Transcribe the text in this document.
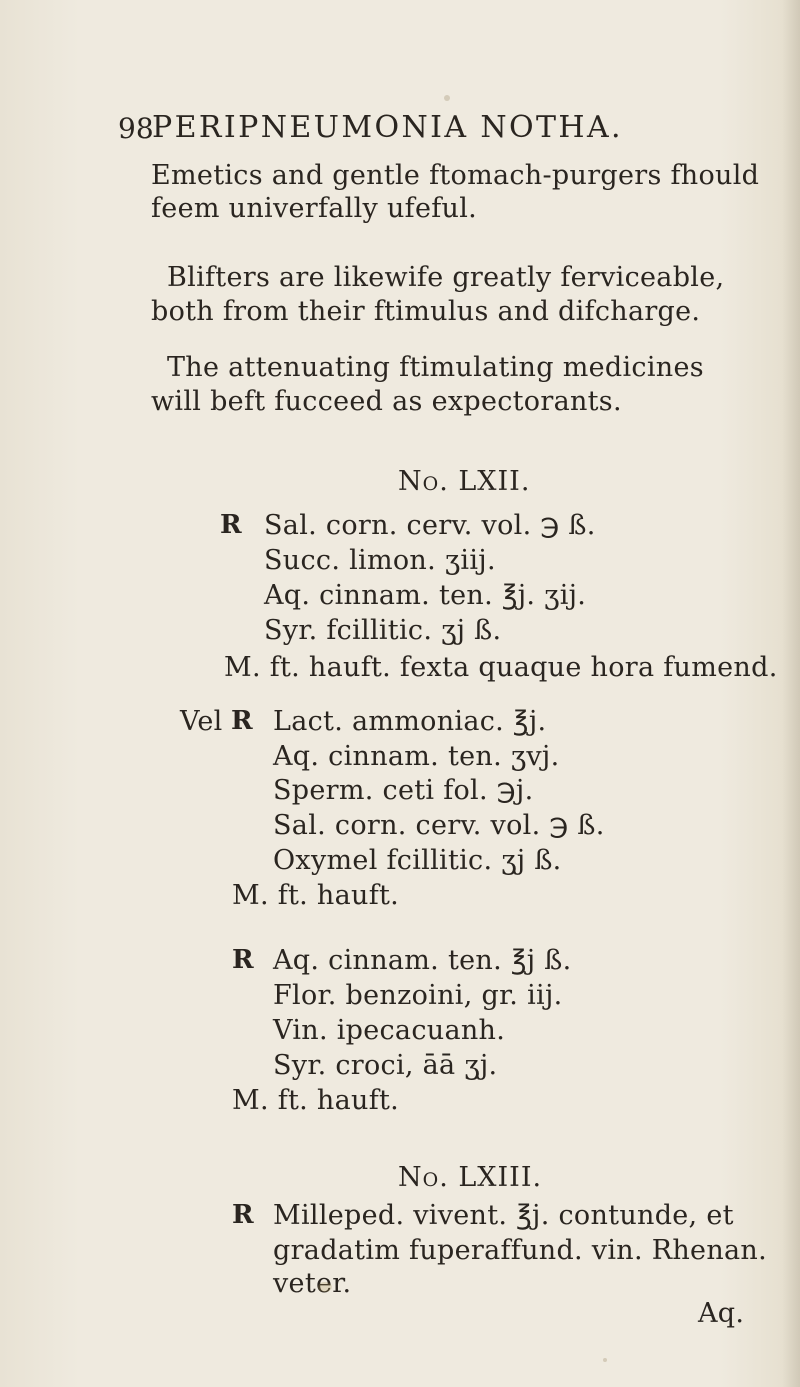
98
PERIPNEUMONIA NOTHA.
Emetics and gentle ftomach-purgers fhould
feem univerfally ufeful.
Blifters are likewife greatly ferviceable,
both from their ftimulus and difcharge.
The attenuating ftimulating medicines
will beft fucceed as expectorants.
No. LXII.
R Sal. corn. cerv. vol. ℈ ß.
Succ. limon. ʒiij.
Aq. cinnam. ten. ℥j. ʒij.
Syr. fcillitic. ʒj ß.
M. ft. hauft. fexta quaque hora fumend.
Vel R Lact. ammoniac. ℥j.
Aq. cinnam. ten. ʒvj.
Sperm. ceti fol. ℈j.
Sal. corn. cerv. vol. ℈ ß.
Oxymel fcillitic. ʒj ß.
M. ft. hauft.
R Aq. cinnam. ten. ℥j ß.
Flor. benzoini, gr. iij.
Vin. ipecacuanh.
Syr. croci, āā ʒj.
M. ft. hauft.
No. LXIII.
R Milleped. vivent. ℥j. contunde, et
gradatim fuperaffund. vin. Rhenan.
veter.
Aq.
